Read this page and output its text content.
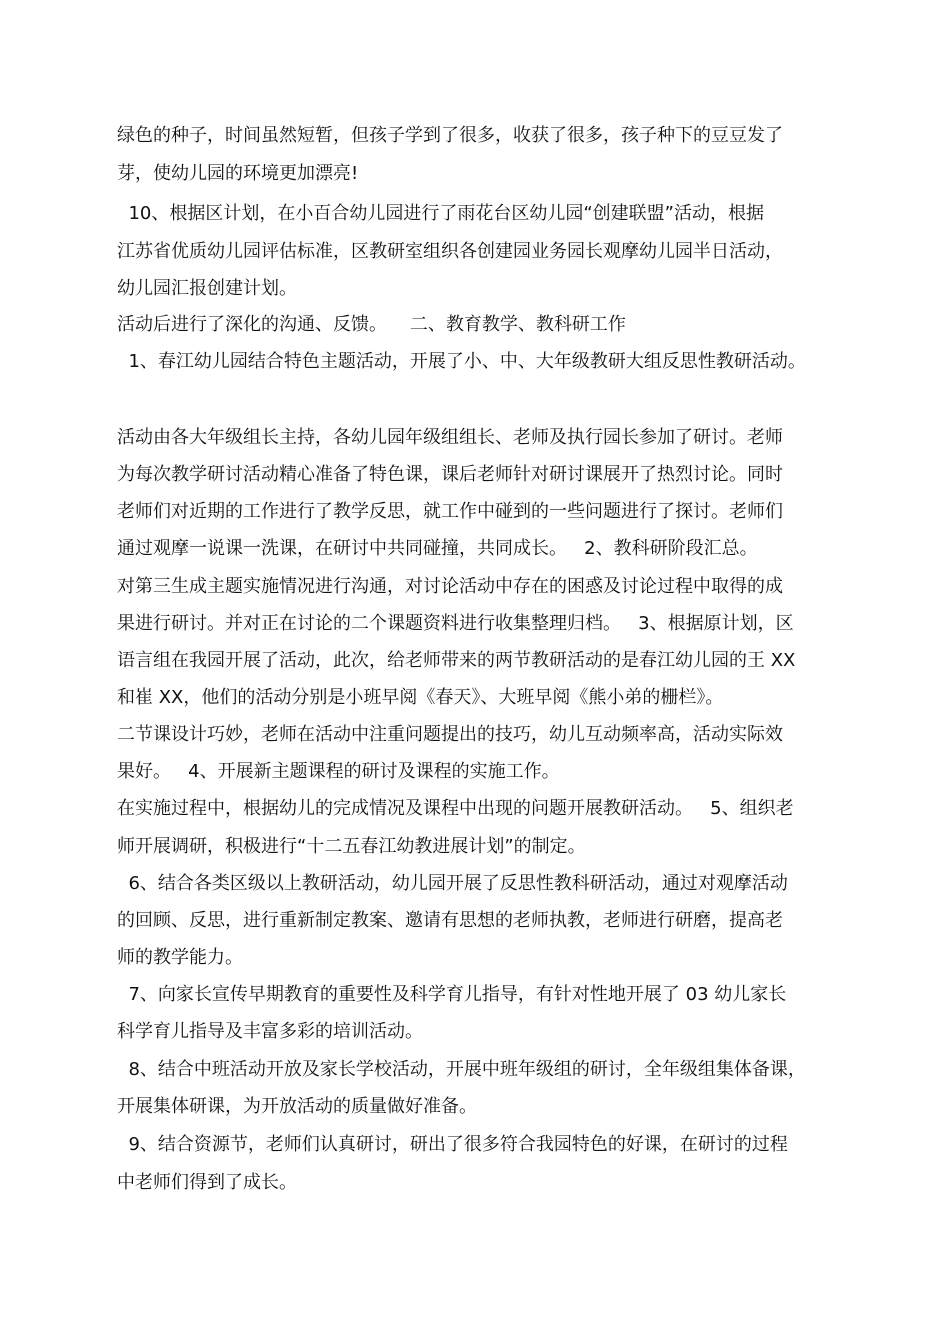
绿色的种子，时间虽然短暂，但孩子学到了很多，收获了很多，孩子种下的豆豆发了

芽，使幼儿园的环境更加漂亮!

10、根据区计划，在小百合幼儿园进行了雨花台区幼儿园“创建联盟”活动，根据

江苏省优质幼儿园评估标准，区教研室组织各创建园业务园长观摩幼儿园半日活动，

幼儿园汇报创建计划。

活动后进行了深化的沟通、反馈。    二、教育教学、教科研工作

1、春江幼儿园结合特色主题活动，开展了小、中、大年级教研大组反思性教研活动。

活动由各大年级组长主持，各幼儿园年级组组长、老师及执行园长参加了研讨。老师

为每次教学研讨活动精心准备了特色课，课后老师针对研讨课展开了热烈讨论。同时

老师们对近期的工作进行了教学反思，就工作中碰到的一些问题进行了探讨。老师们

通过观摩一说课一洗课，在研讨中共同碰撞，共同成长。   2、教科研阶段汇总。

对第三生成主题实施情况进行沟通，对讨论活动中存在的困惑及讨论过程中取得的成

果进行研讨。并对正在讨论的二个课题资料进行收集整理归档。   3、根据原计划，区

语言组在我园开展了活动，此次，给老师带来的两节教研活动的是春江幼儿园的王 XX

和崔 XX，他们的活动分别是小班早阅《春天》、大班早阅《熊小弟的栅栏》。

二节课设计巧妙，老师在活动中注重问题提出的技巧，幼儿互动频率高，活动实际效

果好。   4、开展新主题课程的研讨及课程的实施工作。

在实施过程中，根据幼儿的完成情况及课程中出现的问题开展教研活动。   5、组织老

师开展调研，积极进行“十二五春江幼教进展计划”的制定。

6、结合各类区级以上教研活动，幼儿园开展了反思性教科研活动，通过对观摩活动

的回顾、反思，进行重新制定教案、邀请有思想的老师执教，老师进行研磨，提高老

师的教学能力。

7、向家长宣传早期教育的重要性及科学育儿指导，有针对性地开展了 03 幼儿家长

科学育儿指导及丰富多彩的培训活动。

8、结合中班活动开放及家长学校活动，开展中班年级组的研讨，全年级组集体备课，

开展集体研课，为开放活动的质量做好准备。

9、结合资源节，老师们认真研讨，研出了很多符合我园特色的好课，在研讨的过程

中老师们得到了成长。
